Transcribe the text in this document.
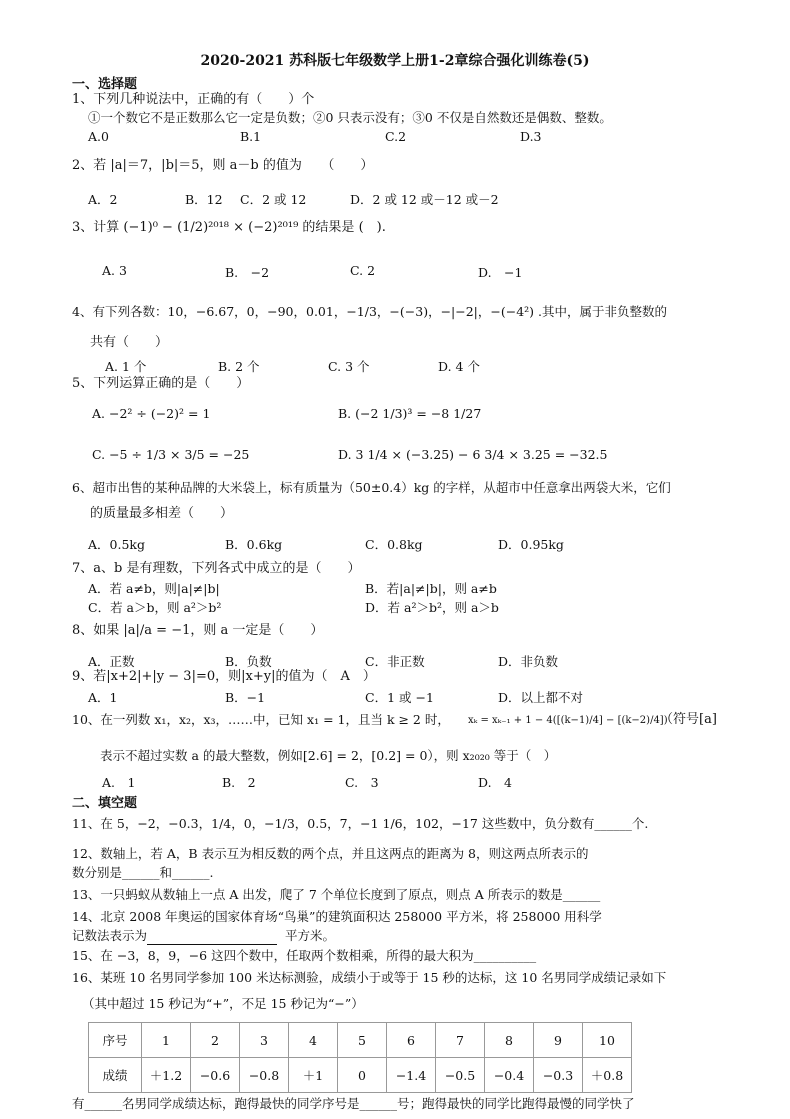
2020-2021 苏科版七年级数学上册1-2章综合强化训练卷(5)
一、选择题
1、下列几种说法中，正确的有（　　）个
①一个数它不是正数那么它一定是负数；②0 只表示没有；③0 不仅是自然数还是偶数、整数。
A.0	B.1	C.2	D.3
2、若 |a|＝7，|b|＝5，则 a－b 的值为　　（　　）
A．2	B．12 C．2 或 12	D．2 或 12 或－12 或－2
3、计算 (−1)⁰ − (1/2)²⁰¹⁸ × (−2)²⁰¹⁹ 的结果是 (　).
A. 3	B.　−2	C. 2	D.　−1
4、有下列各数：10，−6.67，0，−90，0.01，−1/3，−(−3)，−|−2|，−(−4²) .其中，属于非负整数的
共有（　　）
A. 1 个	B. 2 个	C. 3 个	D. 4 个
5、下列运算正确的是（　　）
A. −2² ÷ (−2)² = 1	B. (−2 1/3)³ = −8 1/27
C. −5 ÷ 1/3 × 3/5 = −25	D. 3 1/4 × (−3.25) − 6 3/4 × 3.25 = −32.5
6、超市出售的某种品牌的大米袋上，标有质量为（50±0.4）kg 的字样，从超市中任意拿出两袋大米，它们
的质量最多相差（　　）
A．0.5kg	B．0.6kg	C．0.8kg	D．0.95kg
7、a、b 是有理数，下列各式中成立的是（　　）
A．若 a≠b，则|a|≠|b|	B．若|a|≠|b|，则 a≠b
C．若 a＞b，则 a²＞b²	D．若 a²＞b²，则 a＞b
8、如果 |a|/a = −1，则 a 一定是（　　）
A．正数	B．负数	C．非正数	D．非负数
9、若|x+2|+|y − 3|=0，则|x+y|的值为（　A　）
A．1	B．−1	C．1 或 −1	D．以上都不对
10、在一列数 x₁，x₂，x₃，……中，已知 x₁ = 1，且当 k ≥ 2 时， xₖ = xₖ₋₁ + 1 − 4([(k−1)/4] − [(k−2)/4])
（符号[a]
表示不超过实数 a 的最大整数，例如[2.6] = 2，[0.2] = 0），则 x₂₀₂₀ 等于（　）
A.　1	B.　2	C.　3	D.　4
二、填空题
11、在 5，−2，−0.3，1/4，0，−1/3，0.5，7，−1 1/6，102，−17 这些数中，负分数有______个.
12、数轴上，若 A，B 表示互为相反数的两个点，并且这两点的距离为 8，则这两点所表示的
数分别是______和______.
13、一只蚂蚁从数轴上一点 A 出发，爬了 7 个单位长度到了原点，则点 A 所表示的数是______
14、北京 2008 年奥运的国家体育场“鸟巢”的建筑面积达 258000 平方米，将 258000 用科学
记数法表示为	平方米。
15、在 −3，8，9，−6 这四个数中，任取两个数相乘，所得的最大积为__________
16、某班 10 名男同学参加 100 米达标测验，成绩小于或等于 15 秒的达标，这 10 名男同学成绩记录如下
（其中超过 15 秒记为“+”，不足 15 秒记为“−”）
序号	1	2	3	4	5	6	7	8	9	10
成绩	＋1.2	−0.6	−0.8	＋1	0	−1.4	−0.5	−0.4	−0.3	＋0.8
有______名男同学成绩达标，跑得最快的同学序号是______号；跑得最快的同学比跑得最慢的同学快了
